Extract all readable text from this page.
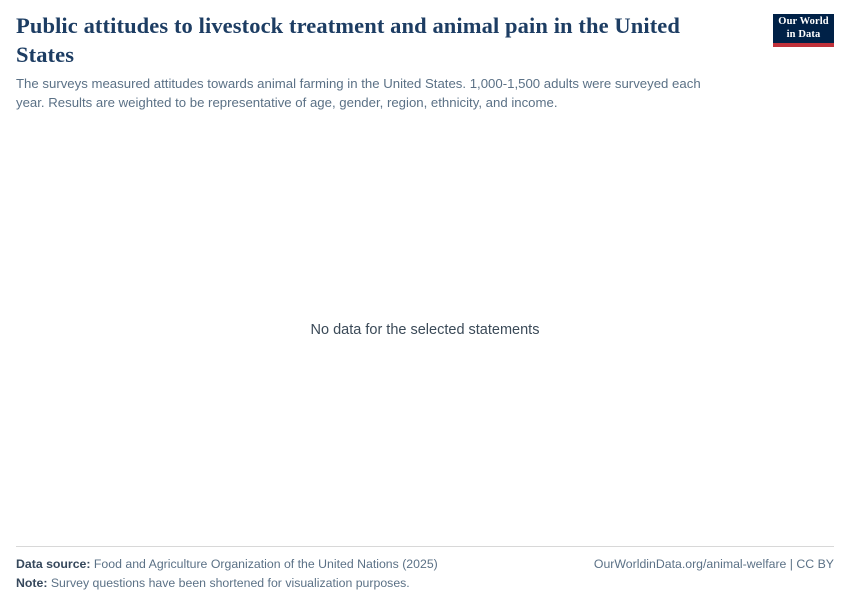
Public attitudes to livestock treatment and animal pain in the United States

The surveys measured attitudes towards animal farming in the United States. 1,000-1,500 adults were surveyed each year. Results are weighted to be representative of age, gender, region, ethnicity, and income.

Our World
in Data
No data for the selected statements
Data source: Food and Agriculture Organization of the United Nations (2025)	OurWorldinData.org/animal-welfare | CC BY
Note: Survey questions have been shortened for visualization purposes.
